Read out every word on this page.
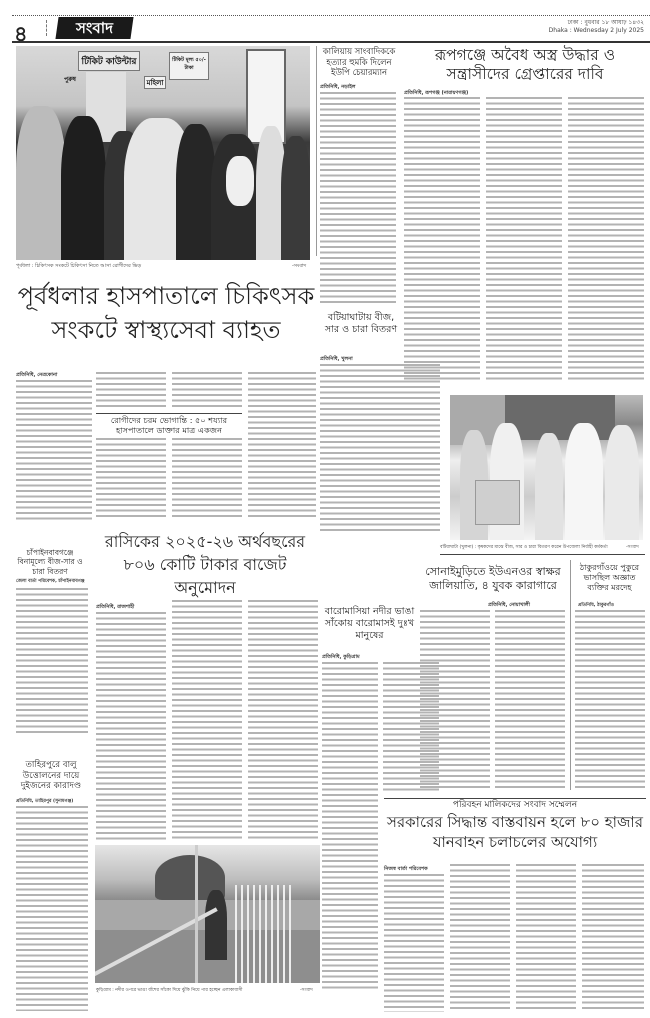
৪	সংবাদ	ঢাকা : বুধবার ১৮ আষাঢ় ১৪৩২
Dhaka : Wednesday 2 July 2025
টিকিট কাউন্টার	টিকিট মূল্য ৫০/- টাকা
পুরুষ	মহিলা
পূর্বধলা : চিকিৎসক সংকটে চিকিৎসা নিতে আসা রোগীদের ভিড়	-সংবাদ
কালিয়ায় সাংবাদিককে হত্যার হুমকি দিলেন ইউপি চেয়ারম্যান
প্রতিনিধি, নড়াইল
রূপগঞ্জে অবৈধ অস্ত্র উদ্ধার ও সন্ত্রাসীদের গ্রেপ্তারের দাবি
প্রতিনিধি, রূপগঞ্জ (নারায়ণগঞ্জ)
বটিয়াঘাটায় বীজ, সার ও চারা বিতরণ
প্রতিনিধি, খুলনা
পূর্বধলার হাসপাতালে চিকিৎসক সংকটে স্বাস্থ্যসেবা ব্যাহত
প্রতিনিধি, নেত্রকোনা
রোগীদের চরম ভোগান্তি : ৫০ শয্যার হাসপাতালে ডাক্তার মাত্র একজন
বটিয়াঘাটা (খুলনা) : কৃষকদের মাঝে বীজ, সার ও চারা বিতরণ করেন উপজেলা নির্বাহী কর্মকর্তা	-সংবাদ
চাঁপাইনবাবগঞ্জে বিনামূল্যে বীজ-সার ও চারা বিতরণ
জেলা বার্তা পরিবেশক, চাঁপাইনবাবগঞ্জ
রাসিকের ২০২৫-২৬ অর্থবছরের ৮০৬ কোটি টাকার বাজেট অনুমোদন
প্রতিনিধি, রাজশাহী	বারোমাসিয়া নদীর ভাঙা সাঁকোয় বারোমাসই দুঃখ মানুষের
প্রতিনিধি, কুড়িগ্রাম
সোনাইমুড়িতে ইউএনওর স্বাক্ষর জালিয়াতি, ৪ যুবক কারাগারে
প্রতিনিধি, নোয়াখালী
ঠাকুরগাঁওয়ে পুকুরে ভাসছিল অজ্ঞাত ব্যক্তির মরদেহ
প্রতিনিধি, ঠাকুরগাঁও
তাহিরপুরে বালু উত্তোলনের দায়ে দুইজনের কারাদণ্ড
প্রতিনিধি, তাহিরপুর (সুনামগঞ্জ)
কুড়িগ্রাম : নদীর ওপরে ভাঙা বাঁশের সাঁকো দিয়ে ঝুঁকি নিয়ে পার হচ্ছেন এলাকাবাসী	-সংবাদ
পরিবহন মালিকদের সংবাদ সম্মেলন
সরকারের সিদ্ধান্ত বাস্তবায়ন হলে ৮০ হাজার যানবাহন চলাচলের অযোগ্য
নিজস্ব বার্তা পরিবেশক
